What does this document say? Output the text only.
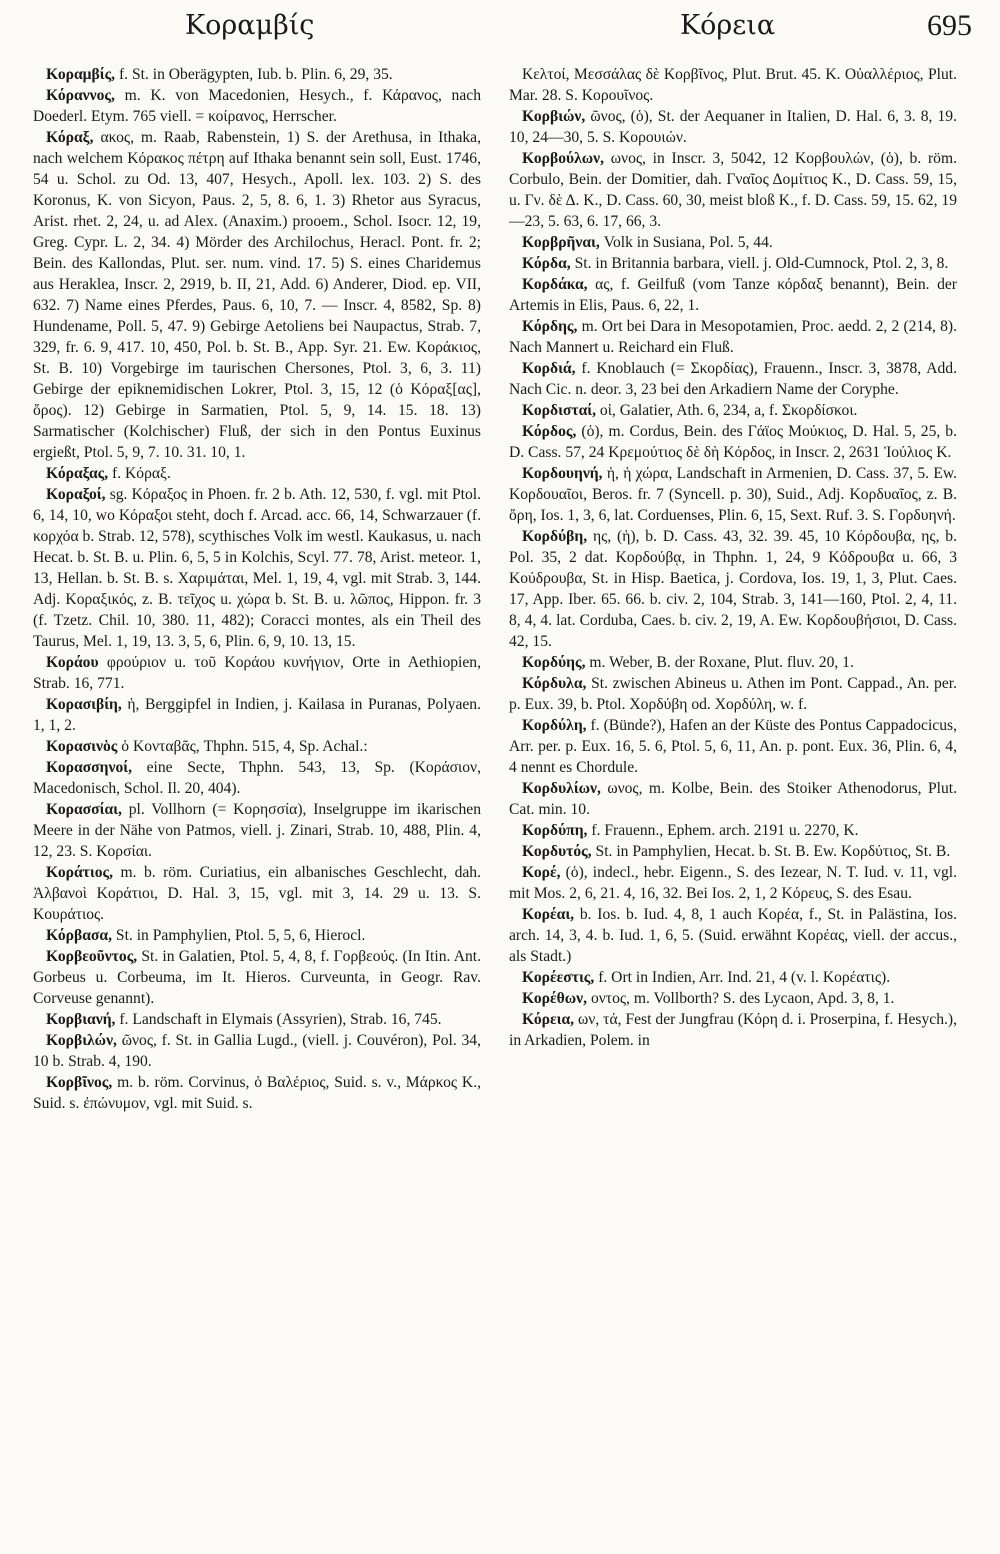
Κοραμβίς	Κόρεια	695

Κοραμβίς, f. St. in Oberägypten, Iub. b. Plin. 6, 29, 35.

Κόραννος, m. K. von Macedonien, Hesych., f. Κάρανος, nach Doederl. Etym. 765 viell. = κοίρανος, Herrscher.

Κόραξ, ακος, m. Raab, Rabenstein, 1) S. der Arethusa, in Ithaka, nach welchem Κόρακος πέτρη auf Ithaka benannt sein soll, Eust. 1746, 54 u. Schol. zu Od. 13, 407, Hesych., Apoll. lex. 103. 2) S. des Koronus, K. von Sicyon, Paus. 2, 5, 8. 6, 1. 3) Rhetor aus Syracus, Arist. rhet. 2, 24, u. ad Alex. (Anaxim.) prooem., Schol. Isocr. 12, 19, Greg. Cypr. L. 2, 34. 4) Mörder des Archilochus, Heracl. Pont. fr. 2; Bein. des Kallondas, Plut. ser. num. vind. 17. 5) S. eines Charidemus aus Heraklea, Inscr. 2, 2919, b. II, 21, Add. 6) Anderer, Diod. ep. VII, 632. 7) Name eines Pferdes, Paus. 6, 10, 7. — Inscr. 4, 8582, Sp. 8) Hundename, Poll. 5, 47. 9) Gebirge Aetoliens bei Naupactus, Strab. 7, 329, fr. 6. 9, 417. 10, 450, Pol. b. St. B., App. Syr. 21. Ew. Κοράκιος, St. B. 10) Vorgebirge im taurischen Chersones, Ptol. 3, 6, 3. 11) Gebirge der epiknemidischen Lokrer, Ptol. 3, 15, 12 (ὁ Κόραξ[ας], ὄρος). 12) Gebirge in Sarmatien, Ptol. 5, 9, 14. 15. 18. 13) Sarmatischer (Kolchischer) Fluß, der sich in den Pontus Euxinus ergießt, Ptol. 5, 9, 7. 10. 31. 10, 1.

Κόραξας, f. Κόραξ.

Κοραξοί, sg. Κόραξος in Phoen. fr. 2 b. Ath. 12, 530, f. vgl. mit Ptol. 6, 14, 10, wo Κόραξοι steht, doch f. Arcad. acc. 66, 14, Schwarzauer (f. κορχόα b. Strab. 12, 578), scythisches Volk im westl. Kaukasus, u. nach Hecat. b. St. B. u. Plin. 6, 5, 5 in Kolchis, Scyl. 77. 78, Arist. meteor. 1, 13, Hellan. b. St. B. s. Χαριμάται, Mel. 1, 19, 4, vgl. mit Strab. 3, 144. Adj. Κοραξικός, z. B. τεῖχος u. χώρα b. St. B. u. λῶπος, Hippon. fr. 3 (f. Tzetz. Chil. 10, 380. 11, 482); Coracci montes, als ein Theil des Taurus, Mel. 1, 19, 13. 3, 5, 6, Plin. 6, 9, 10. 13, 15.

Κοράου φρούριον u. τοῦ Κοράου κυνήγιον, Orte in Aethiopien, Strab. 16, 771.

Κορασιβίη, ἡ, Berggipfel in Indien, j. Kailasa in Puranas, Polyaen. 1, 1, 2.

Κορασινὸς ὁ Κονταβᾶς, Thphn. 515, 4, Sp. Achal.:

Κορασσηνοί, eine Secte, Thphn. 543, 13, Sp. (Κοράσιον, Macedonisch, Schol. Il. 20, 404).

Κορασσίαι, pl. Vollhorn (= Κορησσία), Inselgruppe im ikarischen Meere in der Nähe von Patmos, viell. j. Zinari, Strab. 10, 488, Plin. 4, 12, 23. S. Κορσίαι.

Κοράτιος, m. b. röm. Curiatius, ein albanisches Geschlecht, dah. Ἀλβανοὶ Κοράτιοι, D. Hal. 3, 15, vgl. mit 3, 14. 29 u. 13. S. Κουράτιος.

Κόρβασα, St. in Pamphylien, Ptol. 5, 5, 6, Hierocl.

Κορβεοῦντος, St. in Galatien, Ptol. 5, 4, 8, f. Γορβεούς. (In Itin. Ant. Gorbeus u. Corbeuma, im It. Hieros. Curveunta, in Geogr. Rav. Corveuse genannt).

Κορβιανή, f. Landschaft in Elymais (Assyrien), Strab. 16, 745.

Κορβιλών, ῶνος, f. St. in Gallia Lugd., (viell. j. Couvéron), Pol. 34, 10 b. Strab. 4, 190.

Κορβῖνος, m. b. röm. Corvinus, ὁ Βαλέριος, Suid. s. v., Μάρκος K., Suid. s. ἐπώνυμον, vgl. mit Suid. s.

Κελτοί, Μεσσάλας δὲ Κορβῖνος, Plut. Brut. 45. K. Οὐαλλέριος, Plut. Mar. 28. S. Κορουῖνος.

Κορβιών, ῶνος, (ὁ), St. der Aequaner in Italien, D. Hal. 6, 3. 8, 19. 10, 24—30, 5. S. Κορουιών.

Κορβούλων, ωνος, in Inscr. 3, 5042, 12 Κορβουλών, (ὁ), b. röm. Corbulo, Bein. der Domitier, dah. Γναῖος Δομίτιος K., D. Cass. 59, 15, u. Γν. δὲ Δ. K., D. Cass. 60, 30, meist bloß K., f. D. Cass. 59, 15. 62, 19—23, 5. 63, 6. 17, 66, 3.

Κορβρῆναι, Volk in Susiana, Pol. 5, 44.

Κόρδα, St. in Britannia barbara, viell. j. Old-Cumnock, Ptol. 2, 3, 8.

Κορδάκα, ας, f. Geilfuß (vom Tanze κόρδαξ benannt), Bein. der Artemis in Elis, Paus. 6, 22, 1.

Κόρδης, m. Ort bei Dara in Mesopotamien, Proc. aedd. 2, 2 (214, 8). Nach Mannert u. Reichard ein Fluß.

Κορδιά, f. Knoblauch (= Σκορδίας), Frauenn., Inscr. 3, 3878, Add. Nach Cic. n. deor. 3, 23 bei den Arkadiern Name der Coryphe.

Κορδισταί, οἱ, Galatier, Ath. 6, 234, a, f. Σκορδίσκοι.

Κόρδος, (ὁ), m. Cordus, Bein. des Γάϊος Μούκιος, D. Hal. 5, 25, b. D. Cass. 57, 24 Κρεμούτιος δὲ δὴ Κόρδος, in Inscr. 2, 2631 Ἰούλιος K.

Κορδουηνή, ἡ, ἡ χώρα, Landschaft in Armenien, D. Cass. 37, 5. Ew. Κορδουαῖοι, Beros. fr. 7 (Syncell. p. 30), Suid., Adj. Κορδυαῖος, z. B. ὄρη, Ios. 1, 3, 6, lat. Corduenses, Plin. 6, 15, Sext. Ruf. 3. S. Γορδυηνή.

Κορδύβη, ης, (ἡ), b. D. Cass. 43, 32. 39. 45, 10 Κόρδουβα, ης, b. Pol. 35, 2 dat. Κορδούβᾳ, in Thphn. 1, 24, 9 Κόδρουβα u. 66, 3 Κούδρουβα, St. in Hisp. Baetica, j. Cordova, Ios. 19, 1, 3, Plut. Caes. 17, App. Iber. 65. 66. b. civ. 2, 104, Strab. 3, 141—160, Ptol. 2, 4, 11. 8, 4, 4. lat. Corduba, Caes. b. civ. 2, 19, A. Ew. Κορδουβήσιοι, D. Cass. 42, 15.

Κορδύης, m. Weber, B. der Roxane, Plut. fluv. 20, 1.

Κόρδυλα, St. zwischen Abineus u. Athen im Pont. Cappad., An. per. p. Eux. 39, b. Ptol. Χορδύβη od. Χορδύλη, w. f.

Κορδύλη, f. (Bünde?), Hafen an der Küste des Pontus Cappadocicus, Arr. per. p. Eux. 16, 5. 6, Ptol. 5, 6, 11, An. p. pont. Eux. 36, Plin. 6, 4, 4 nennt es Chordule.

Κορδυλίων, ωνος, m. Kolbe, Bein. des Stoiker Athenodorus, Plut. Cat. min. 10.

Κορδύπη, f. Frauenn., Ephem. arch. 2191 u. 2270, K.

Κορδυτός, St. in Pamphylien, Hecat. b. St. B. Ew. Κορδύτιος, St. B.

Κορέ, (ὁ), indecl., hebr. Eigenn., S. des Iezear, N. T. Iud. v. 11, vgl. mit Mos. 2, 6, 21. 4, 16, 32. Bei Ios. 2, 1, 2 Κόρευς, S. des Esau.

Κορέαι, b. Ios. b. Iud. 4, 8, 1 auch Κορέα, f., St. in Palästina, Ios. arch. 14, 3, 4. b. Iud. 1, 6, 5. (Suid. erwähnt Κορέας, viell. der accus., als Stadt.)

Κορέεστις, f. Ort in Indien, Arr. Ind. 21, 4 (v. l. Κορέατις).

Κορέθων, οντος, m. Vollborth? S. des Lycaon, Apd. 3, 8, 1.

Κόρεια, ων, τά, Fest der Jungfrau (Κόρη d. i. Proserpina, f. Hesych.), in Arkadien, Polem. in
